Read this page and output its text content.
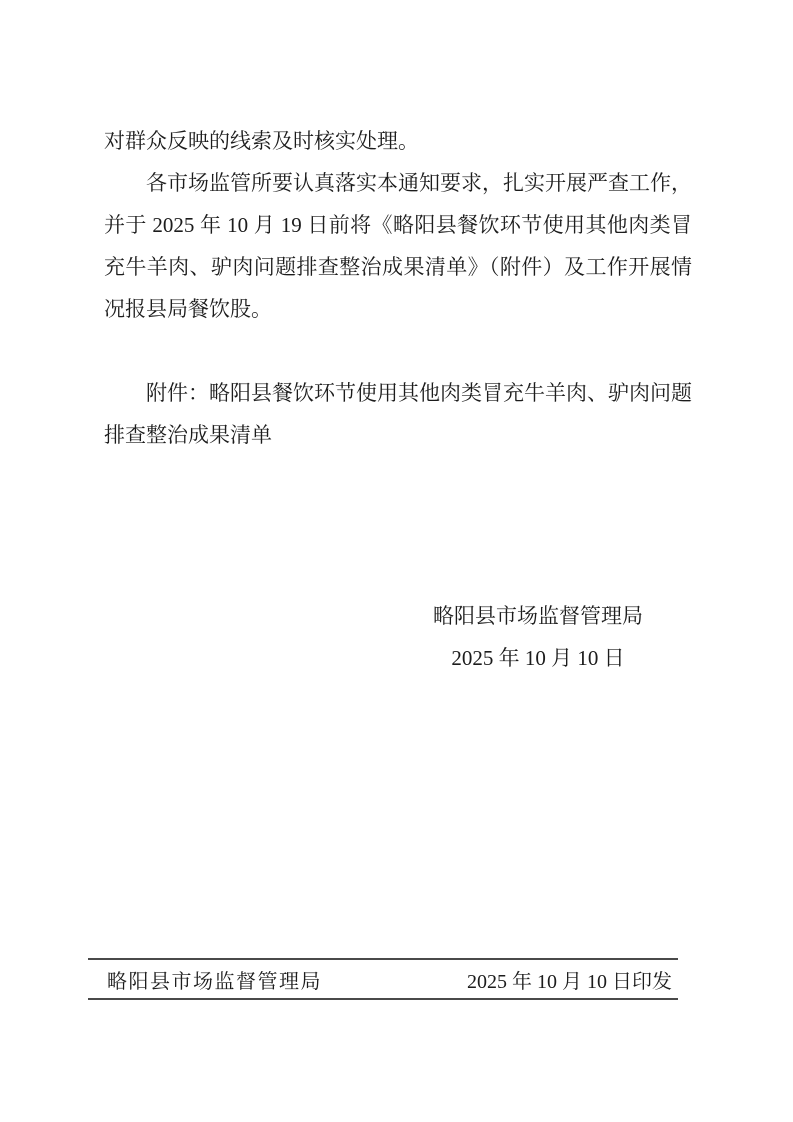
对群众反映的线索及时核实处理。
各市场监管所要认真落实本通知要求，扎实开展严查工作，
并于 2025 年 10 月 19 日前将《略阳县餐饮环节使用其他肉类冒
充牛羊肉、驴肉问题排查整治成果清单》（附件）及工作开展情
况报县局餐饮股。
附件：略阳县餐饮环节使用其他肉类冒充牛羊肉、驴肉问题
排查整治成果清单
略阳县市场监督管理局
2025 年 10 月 10 日
略阳县市场监督管理局	2025 年 10 月 10 日印发
